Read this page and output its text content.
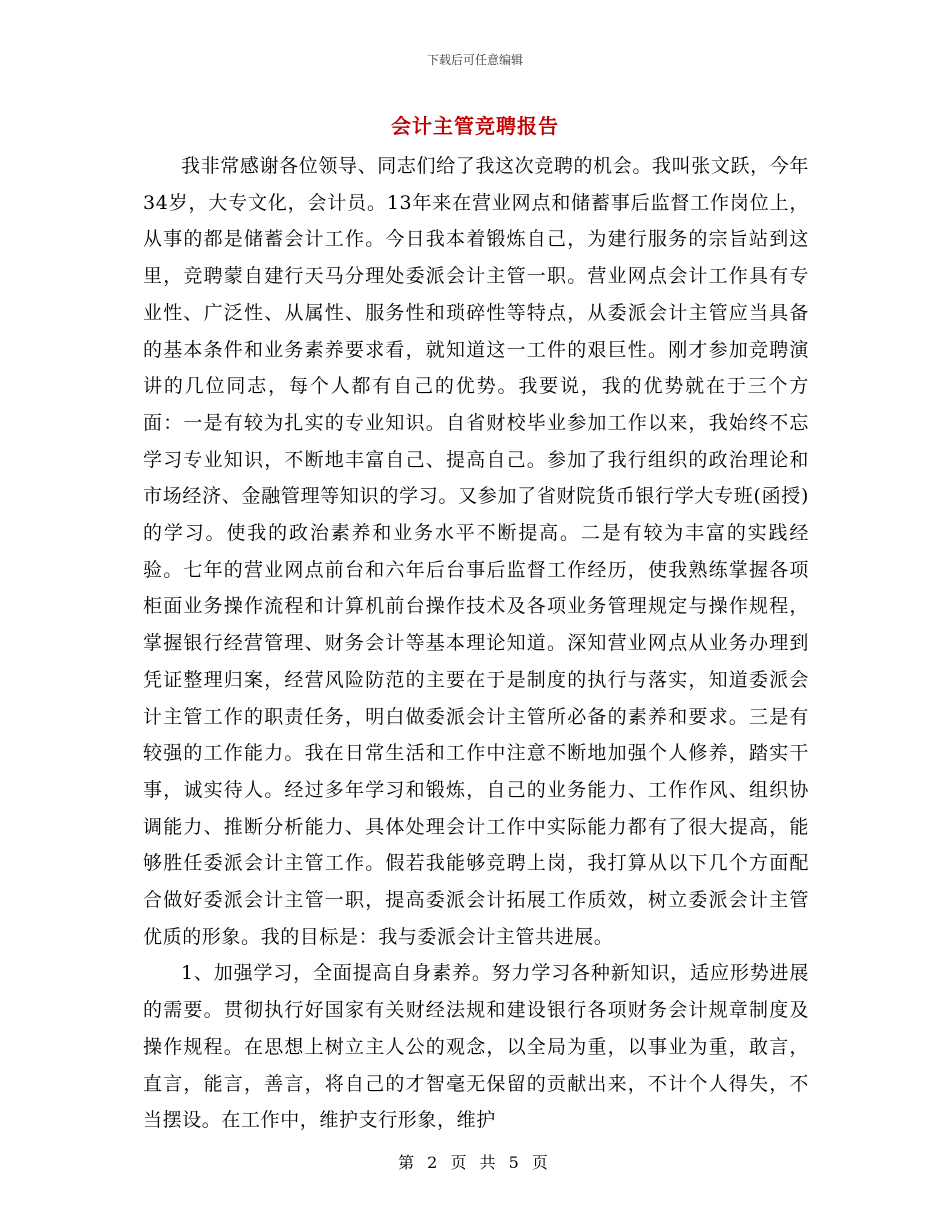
下载后可任意编辑
会计主管竞聘报告

我非常感谢各位领导、同志们给了我这次竞聘的机会。我叫张文跃，今年34岁，大专文化，会计员。13年来在营业网点和储蓄事后监督工作岗位上，从事的都是储蓄会计工作。今日我本着锻炼自己，为建行服务的宗旨站到这里，竞聘蒙自建行天马分理处委派会计主管一职。营业网点会计工作具有专业性、广泛性、从属性、服务性和琐碎性等特点，从委派会计主管应当具备的基本条件和业务素养要求看，就知道这一工件的艰巨性。刚才参加竞聘演讲的几位同志，每个人都有自己的优势。我要说，我的优势就在于三个方面：一是有较为扎实的专业知识。自省财校毕业参加工作以来，我始终不忘学习专业知识，不断地丰富自己、提高自己。参加了我行组织的政治理论和市场经济、金融管理等知识的学习。又参加了省财院货币银行学大专班(函授)的学习。使我的政治素养和业务水平不断提高。二是有较为丰富的实践经验。七年的营业网点前台和六年后台事后监督工作经历，使我熟练掌握各项柜面业务操作流程和计算机前台操作技术及各项业务管理规定与操作规程，掌握银行经营管理、财务会计等基本理论知道。深知营业网点从业务办理到凭证整理归案，经营风险防范的主要在于是制度的执行与落实，知道委派会计主管工作的职责任务，明白做委派会计主管所必备的素养和要求。三是有较强的工作能力。我在日常生活和工作中注意不断地加强个人修养，踏实干事，诚实待人。经过多年学习和锻炼，自己的业务能力、工作作风、组织协调能力、推断分析能力、具体处理会计工作中实际能力都有了很大提高，能够胜任委派会计主管工作。假若我能够竞聘上岗，我打算从以下几个方面配合做好委派会计主管一职，提高委派会计拓展工作质效，树立委派会计主管优质的形象。我的目标是：我与委派会计主管共进展。

1、加强学习，全面提高自身素养。努力学习各种新知识，适应形势进展的需要。贯彻执行好国家有关财经法规和建设银行各项财务会计规章制度及操作规程。在思想上树立主人公的观念，以全局为重，以事业为重，敢言，直言，能言，善言，将自己的才智毫无保留的贡献出来，不计个人得失，不当摆设。在工作中，维护支行形象，维护

第 2 页 共 5 页
